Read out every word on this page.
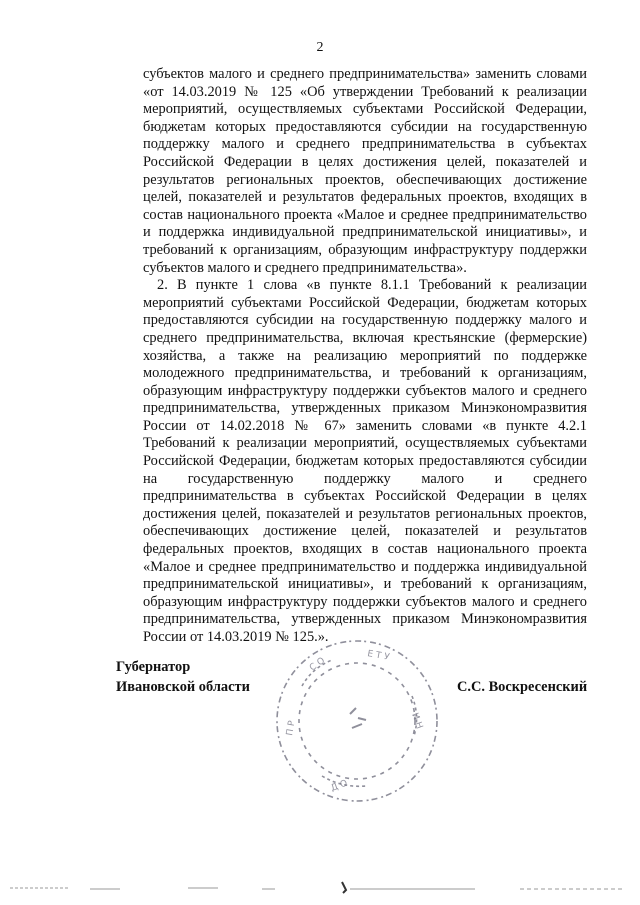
2

субъектов малого и среднего предпринимательства» заменить словами «от 14.03.2019 № 125 «Об утверждении Требований к реализации мероприятий, осуществляемых субъектами Российской Федерации, бюджетам которых предоставляются субсидии на государственную поддержку малого и среднего предпринимательства в субъектах Российской Федерации в целях достижения целей, показателей и результатов региональных проектов, обеспечивающих достижение целей, показателей и результатов федеральных проектов, входящих в состав национального проекта «Малое и среднее предпринимательство и поддержка индивидуальной предпринимательской инициативы», и требований к организациям, образующим инфраструктуру поддержки субъектов малого и среднего предпринимательства».

2. В пункте 1 слова «в пункте 8.1.1 Требований к реализации мероприятий субъектами Российской Федерации, бюджетам которых предоставляются субсидии на государственную поддержку малого и среднего предпринимательства, включая крестьянские (фермерские) хозяйства, а также на реализацию мероприятий по поддержке молодежного предпринимательства, и требований к организациям, образующим инфраструктуру поддержки субъектов малого и среднего предпринимательства, утвержденных приказом Минэкономразвития России от 14.02.2018 № 67» заменить словами «в пункте 4.2.1 Требований к реализации мероприятий, осуществляемых субъектами Российской Федерации, бюджетам которых предоставляются субсидии на государственную поддержку малого и среднего предпринимательства в субъектах Российской Федерации в целях достижения целей, показателей и результатов региональных проектов, обеспечивающих достижение целей, показателей и результатов федеральных проектов, входящих в состав национального проекта «Малое и среднее предпринимательство и поддержка индивидуальной предпринимательской инициативы», и требований к организациям, образующим инфраструктуру поддержки субъектов малого и среднего предпринимательства, утвержденных приказом Минэкономразвития России от 14.03.2019 № 125.».

С О	Е Т У
И Н
П Р
Д О
Губернатор
Ивановской области	С.С. Воскресенский
